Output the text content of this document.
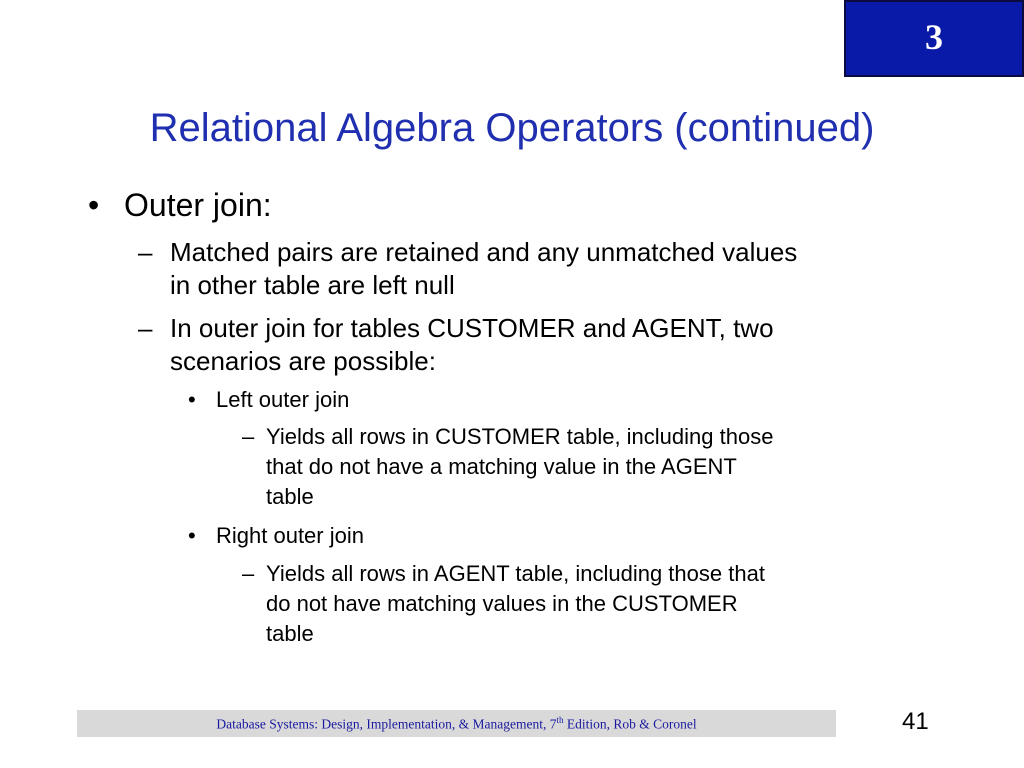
3
Relational Algebra Operators (continued)
• Outer join:
– Matched pairs are retained and any unmatched values
in other table are left null
– In outer join for tables CUSTOMER and AGENT, two
scenarios are possible:
• Left outer join
– Yields all rows in CUSTOMER table, including those
that do not have a matching value in the AGENT
table
• Right outer join
– Yields all rows in AGENT table, including those that
do not have matching values in the CUSTOMER
table
Database Systems: Design, Implementation, & Management, 7th Edition, Rob & Coronel	41
